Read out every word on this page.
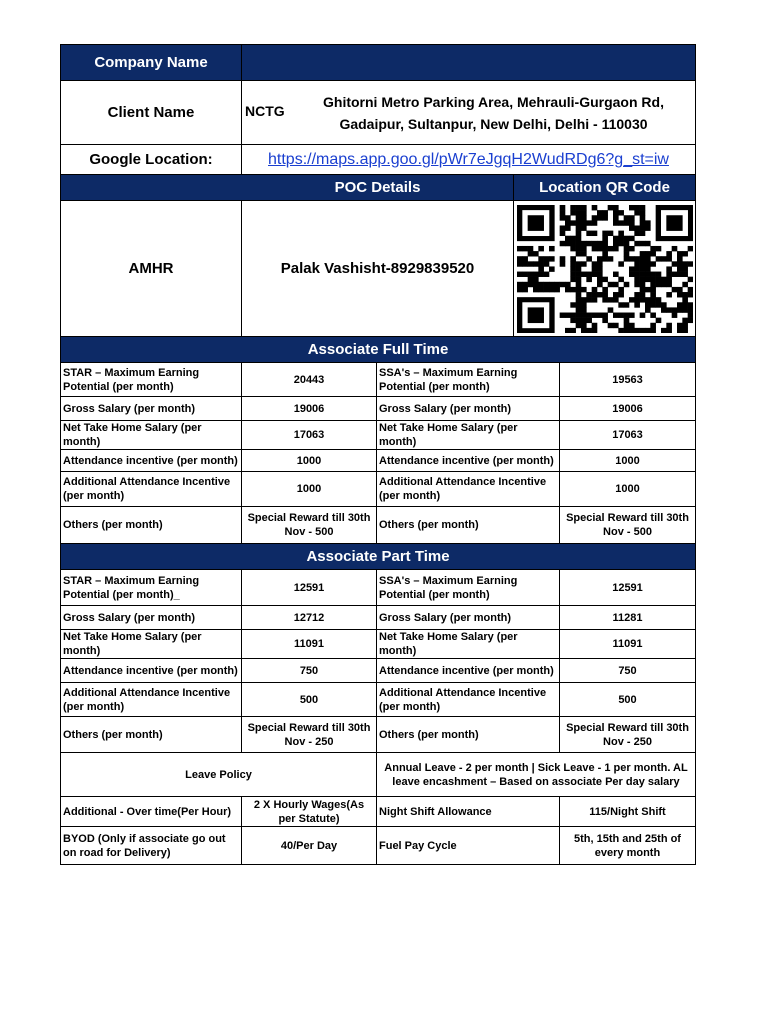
Company Name				
Client Name	NCTG
Ghitorni Metro Parking Area, Mehrauli-Gurgaon Rd,
Gadaipur, Sultanpur, New Delhi, Delhi - 110030			

Google Location:	https://maps.app.goo.gl/pWr7eJgqH2WudRDg6?g_st=iw			
	POC Details		Location QR Code	
AMHR	Palak Vashisht-8929839520	

Associate Full Time				
STAR – Maximum Earning Potential (per month)	20443	SSA's – Maximum Earning Potential (per month)		19563
Gross Salary (per month)	19006	Gross Salary (per month)		19006
Net Take Home Salary (per month)	17063	Net Take Home Salary (per month)		17063
Attendance incentive (per month)	1000	Attendance incentive (per month)		1000
Additional Attendance Incentive (per month)	1000	Additional Attendance Incentive (per month)		1000
Others (per month)	Special Reward till 30th Nov - 500	Others (per month)		Special Reward till 30th Nov - 500
Associate Part Time				
STAR – Maximum Earning Potential (per month)_	12591	SSA's – Maximum Earning Potential (per month)		12591
Gross Salary (per month)	12712	Gross Salary (per month)		11281
Net Take Home Salary (per month)	11091	Net Take Home Salary (per month)		11091
Attendance incentive (per month)	750	Attendance incentive (per month)		750
Additional Attendance Incentive (per month)	500	Additional Attendance Incentive (per month)		500
Others (per month)	Special Reward till 30th Nov - 250	Others (per month)		Special Reward till 30th Nov - 250
Leave Policy		Annual Leave - 2 per month | Sick Leave - 1 per month. AL leave encashment – Based on associate Per day salary		
Additional - Over time(Per Hour)	2 X Hourly Wages(As per Statute)	Night Shift Allowance		115/Night Shift
BYOD (Only if associate go out on road for Delivery)	40/Per Day	Fuel Pay Cycle		5th, 15th and 25th of every month
